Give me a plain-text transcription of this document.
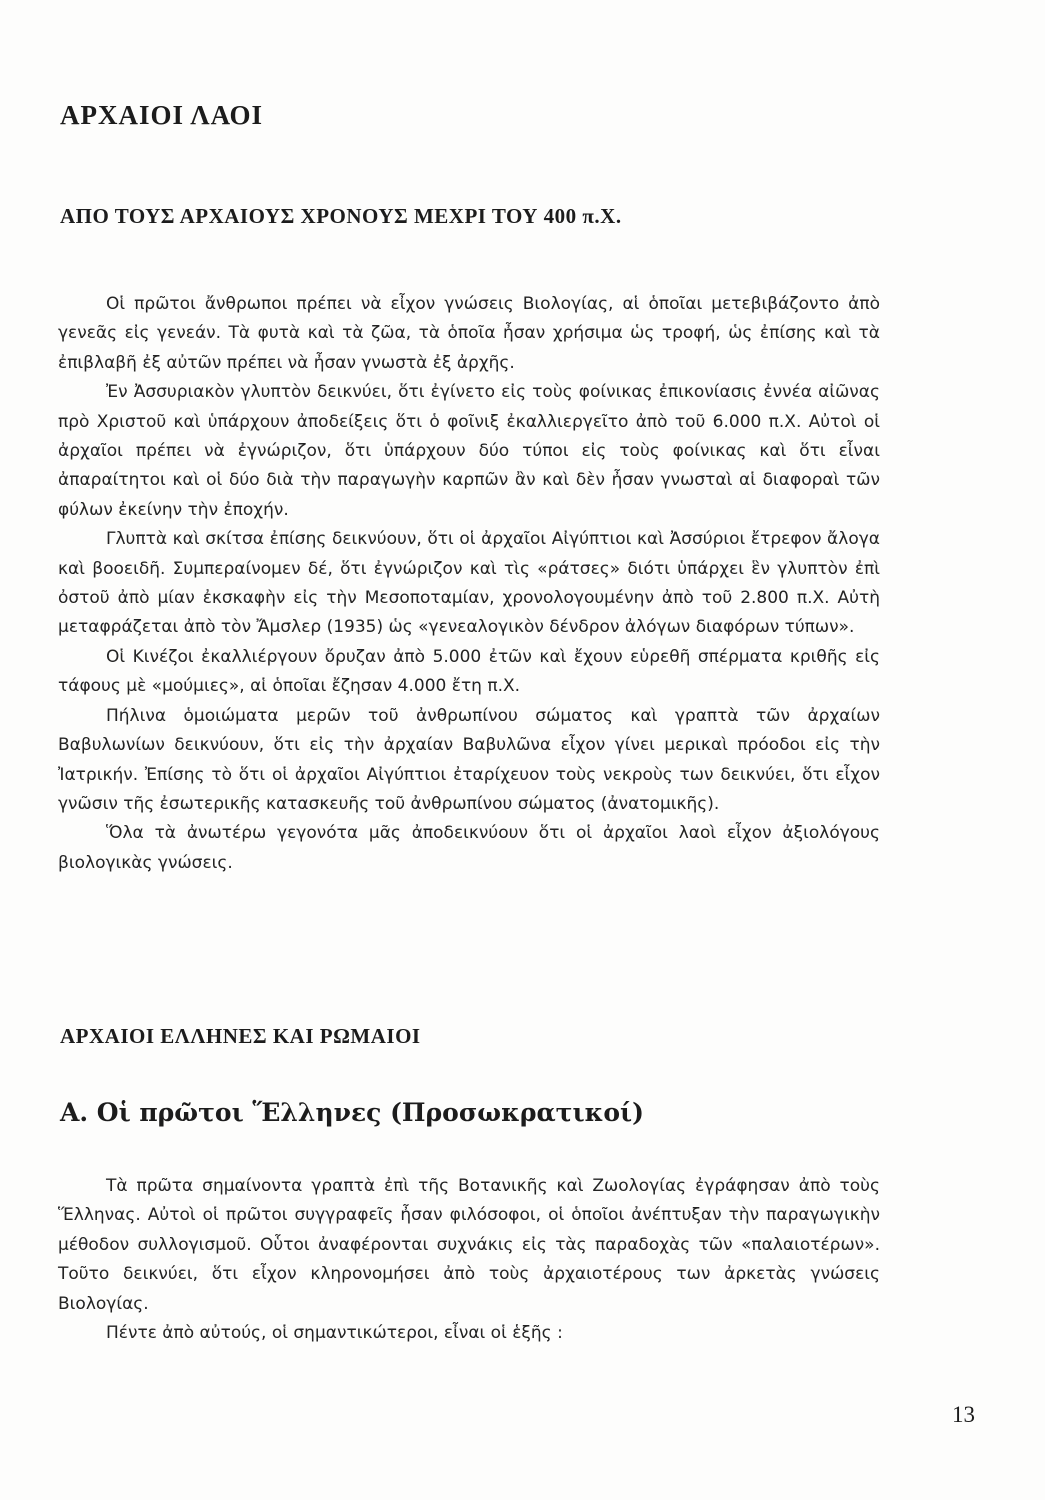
ΑΡΧΑΙΟΙ ΛΑΟΙ
ΑΠΟ ΤΟΥΣ ΑΡΧΑΙΟΥΣ ΧΡΟΝΟΥΣ ΜΕΧΡΙ ΤΟΥ 400 π.Χ.

Οἱ πρῶτοι ἄνθρωποι πρέπει νὰ εἶχον γνώσεις Βιολογίας, αἱ ὁποῖαι μετεβιβάζοντο ἀπὸ γενεᾶς εἰς γενεάν. Τὰ φυτὰ καὶ τὰ ζῶα, τὰ ὁποῖα ἦσαν χρήσιμα ὡς τροφή, ὡς ἐπίσης καὶ τὰ ἐπιβλαβῆ ἐξ αὐτῶν πρέπει νὰ ἦσαν γνωστὰ ἐξ ἀρχῆς.

Ἐν Ἀσσυριακὸν γλυπτὸν δεικνύει, ὅτι ἐγίνετο εἰς τοὺς φοίνικας ἐπικονίασις ἐννέα αἰῶνας πρὸ Χριστοῦ καὶ ὑπάρχουν ἀποδείξεις ὅτι ὁ φοῖνιξ ἐκαλλιεργεῖτο ἀπὸ τοῦ 6.000 π.Χ. Αὐτοὶ οἱ ἀρχαῖοι πρέπει νὰ ἐγνώριζον, ὅτι ὑπάρχουν δύο τύποι εἰς τοὺς φοίνικας καὶ ὅτι εἶναι ἀπαραίτητοι καὶ οἱ δύο διὰ τὴν παραγωγὴν καρπῶν ἂν καὶ δὲν ἦσαν γνωσταὶ αἱ διαφοραὶ τῶν φύλων ἐκείνην τὴν ἐποχήν.

Γλυπτὰ καὶ σκίτσα ἐπίσης δεικνύουν, ὅτι οἱ ἀρχαῖοι Αἰγύπτιοι καὶ Ἀσσύριοι ἔτρεφον ἄλογα καὶ βοοειδῆ. Συμπεραίνομεν δέ, ὅτι ἐγνώριζον καὶ τὶς «ράτσες» διότι ὑπάρχει ἓν γλυπτὸν ἐπὶ ὀστοῦ ἀπὸ μίαν ἐκσκαφὴν εἰς τὴν Μεσοποταμίαν, χρονολογουμένην ἀπὸ τοῦ 2.800 π.Χ. Αὐτὴ μεταφράζεται ἀπὸ τὸν Ἄμσλερ (1935) ὡς «γενεαλογικὸν δένδρον ἀλόγων διαφόρων τύπων».

Οἱ Κινέζοι ἐκαλλιέργουν ὄρυζαν ἀπὸ 5.000 ἐτῶν καὶ ἔχουν εὑρεθῆ σπέρματα κριθῆς εἰς τάφους μὲ «μούμιες», αἱ ὁποῖαι ἔζησαν 4.000 ἔτη π.Χ.

Πήλινα ὁμοιώματα μερῶν τοῦ ἀνθρωπίνου σώματος καὶ γραπτὰ τῶν ἀρχαίων Βαβυλωνίων δεικνύουν, ὅτι εἰς τὴν ἀρχαίαν Βαβυλῶνα εἶχον γίνει μερικαὶ πρόοδοι εἰς τὴν Ἰατρικήν. Ἐπίσης τὸ ὅτι οἱ ἀρχαῖοι Αἰγύπτιοι ἐταρίχευον τοὺς νεκροὺς των δεικνύει, ὅτι εἶχον γνῶσιν τῆς ἐσωτερικῆς κατασκευῆς τοῦ ἀνθρωπίνου σώματος (ἀνατομικῆς).

Ὅλα τὰ ἀνωτέρω γεγονότα μᾶς ἀποδεικνύουν ὅτι οἱ ἀρχαῖοι λαοὶ εἶχον ἀξιολόγους βιολογικὰς γνώσεις.

ΑΡΧΑΙΟΙ ΕΛΛΗΝΕΣ ΚΑΙ ΡΩΜΑΙΟΙ
Α. Οἱ πρῶτοι Ἕλληνες (Προσωκρατικοί)

Τὰ πρῶτα σημαίνοντα γραπτὰ ἐπὶ τῆς Βοτανικῆς καὶ Ζωολογίας ἐγράφησαν ἀπὸ τοὺς Ἕλληνας. Αὐτοὶ οἱ πρῶτοι συγγραφεῖς ἦσαν φιλόσοφοι, οἱ ὁποῖοι ἀνέπτυξαν τὴν παραγωγικὴν μέθοδον συλλογισμοῦ. Οὗτοι ἀναφέρονται συχνάκις εἰς τὰς παραδοχὰς τῶν «παλαιοτέρων». Τοῦτο δεικνύει, ὅτι εἶχον κληρονομήσει ἀπὸ τοὺς ἀρχαιοτέρους των ἀρκετὰς γνώσεις Βιολογίας.

Πέντε ἀπὸ αὐτούς, οἱ σημαντικώτεροι, εἶναι οἱ ἑξῆς :

13
